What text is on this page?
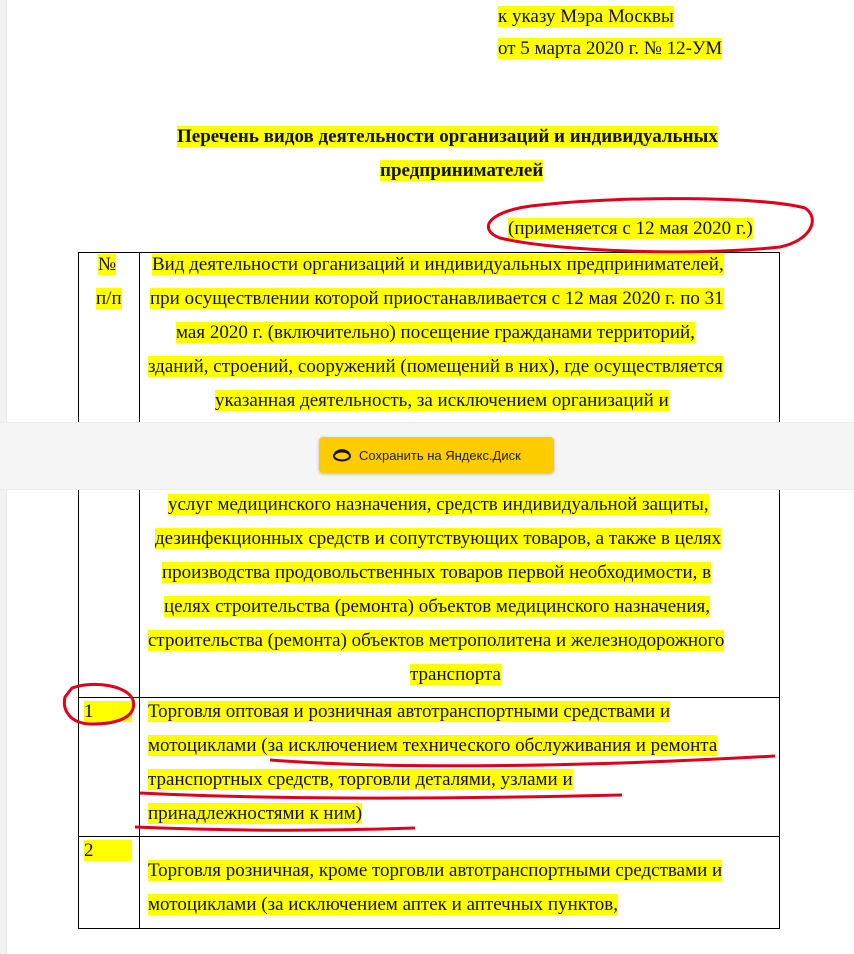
к указу Мэра Москвы
от 5 марта 2020 г. № 12-УМ
Перечень видов деятельности организаций и индивидуальных
предпринимателей
(применяется с 12 мая 2020 г.)
№
п/п
Вид деятельности организаций и индивидуальных предпринимателей,
при осуществлении которой приостанавливается с 12 мая 2020 г. по 31
мая 2020 г. (включительно) посещение гражданами территорий,
зданий, строений, сооружений (помещений в них), где осуществляется
указанная деятельность, за исключением организаций и
услуг медицинского назначения, средств индивидуальной защиты,
дезинфекционных средств и сопутствующих товаров, а также в целях
производства продовольственных товаров первой необходимости, в
целях строительства (ремонта) объектов медицинского назначения,
строительства (ремонта) объектов метрополитена и железнодорожного
транспорта
1	Торговля оптовая и розничная автотранспортными средствами и
мотоциклами (за исключением технического обслуживания и ремонта
транспортных средств, торговли деталями, узлами и
принадлежностями к ним)
2
Торговля розничная, кроме торговли автотранспортными средствами и
мотоциклами (за исключением аптек и аптечных пунктов,
Сохранить на Яндекс.Диск
